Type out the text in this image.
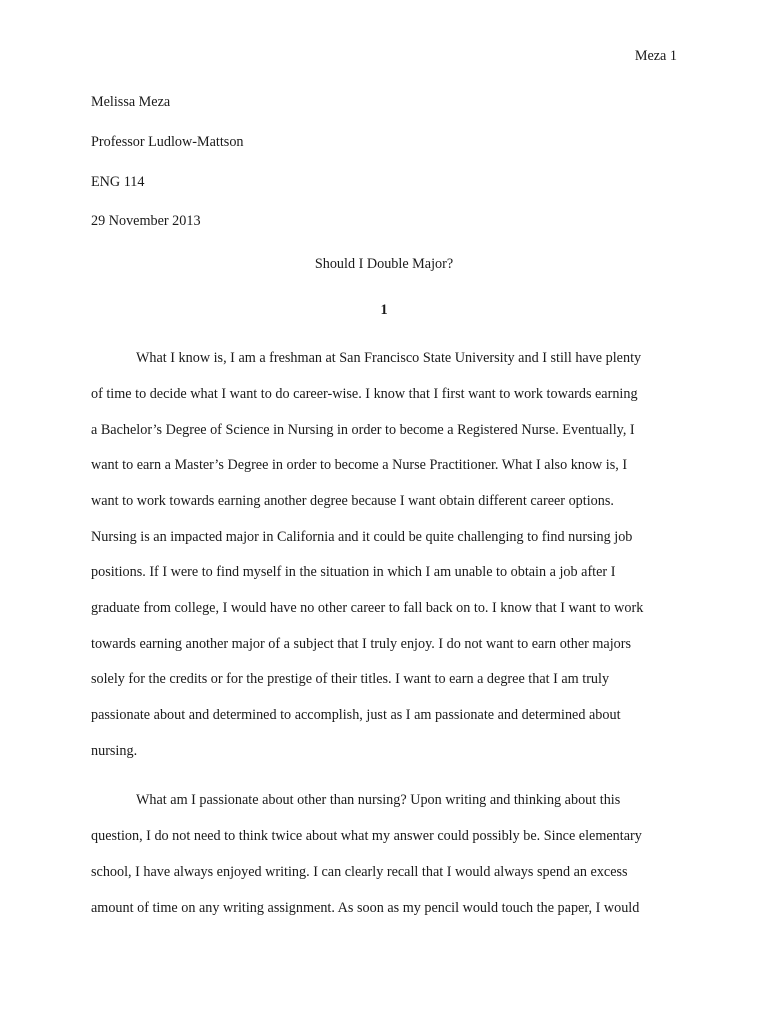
Meza 1
Melissa Meza
Professor Ludlow-Mattson
ENG 114
29 November 2013
Should I Double Major?
1
What I know is, I am a freshman at San Francisco State University and I still have plenty
of time to decide what I want to do career-wise. I know that I first want to work towards earning
a Bachelor’s Degree of Science in Nursing in order to become a Registered Nurse. Eventually, I
want to earn a Master’s Degree in order to become a Nurse Practitioner. What I also know is, I
want to work towards earning another degree because I want obtain different career options.
Nursing is an impacted major in California and it could be quite challenging to find nursing job
positions. If I were to find myself in the situation in which I am unable to obtain a job after I
graduate from college, I would have no other career to fall back on to. I know that I want to work
towards earning another major of a subject that I truly enjoy. I do not want to earn other majors
solely for the credits or for the prestige of their titles. I want to earn a degree that I am truly
passionate about and determined to accomplish, just as I am passionate and determined about
nursing.
What am I passionate about other than nursing? Upon writing and thinking about this
question, I do not need to think twice about what my answer could possibly be. Since elementary
school, I have always enjoyed writing. I can clearly recall that I would always spend an excess
amount of time on any writing assignment. As soon as my pencil would touch the paper, I would
